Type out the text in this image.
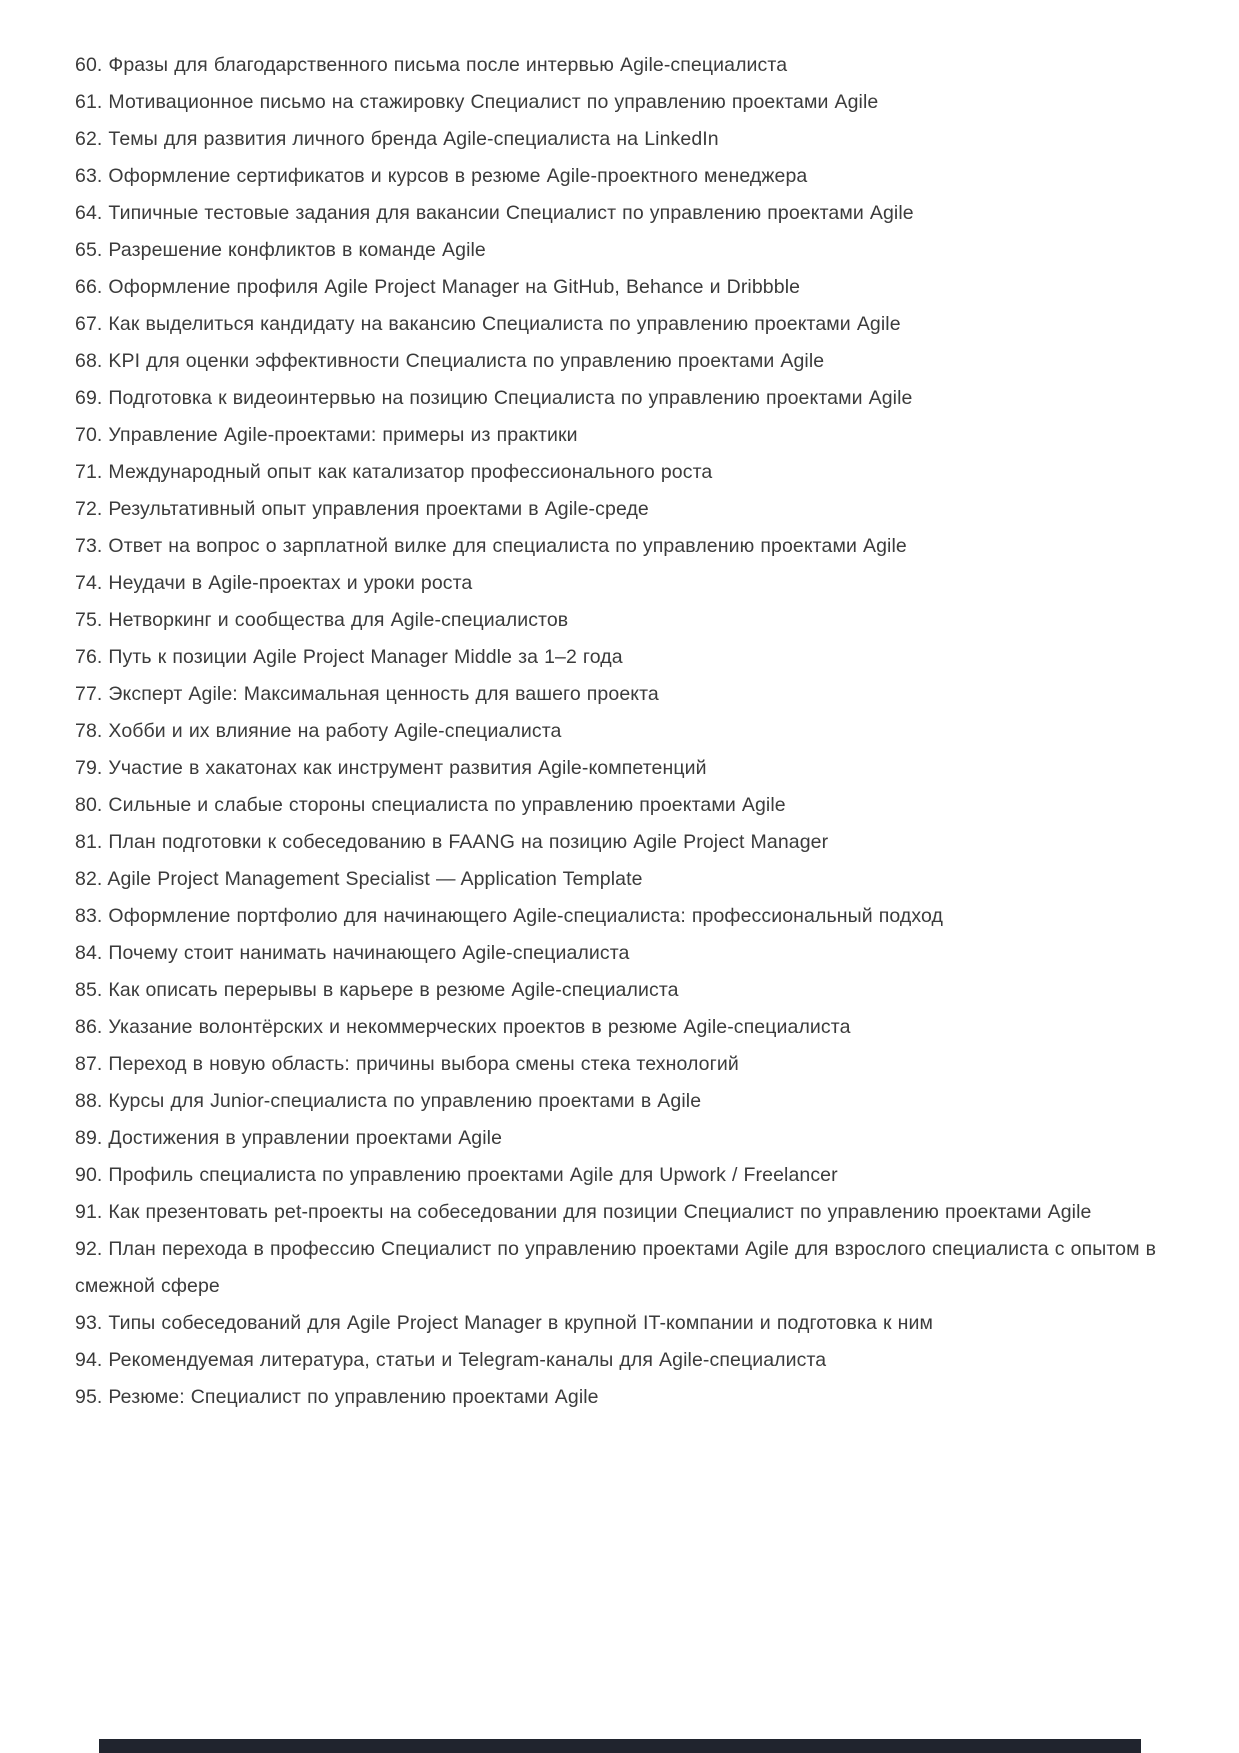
60. Фразы для благодарственного письма после интервью Agile-специалиста
61. Мотивационное письмо на стажировку Специалист по управлению проектами Agile
62. Темы для развития личного бренда Agile-специалиста на LinkedIn
63. Оформление сертификатов и курсов в резюме Agile-проектного менеджера
64. Типичные тестовые задания для вакансии Специалист по управлению проектами Agile
65. Разрешение конфликтов в команде Agile
66. Оформление профиля Agile Project Manager на GitHub, Behance и Dribbble
67. Как выделиться кандидату на вакансию Специалиста по управлению проектами Agile
68. KPI для оценки эффективности Специалиста по управлению проектами Agile
69. Подготовка к видеоинтервью на позицию Специалиста по управлению проектами Agile
70. Управление Agile-проектами: примеры из практики
71. Международный опыт как катализатор профессионального роста
72. Результативный опыт управления проектами в Agile-среде
73. Ответ на вопрос о зарплатной вилке для специалиста по управлению проектами Agile
74. Неудачи в Agile-проектах и уроки роста
75. Нетворкинг и сообщества для Agile-специалистов
76. Путь к позиции Agile Project Manager Middle за 1–2 года
77. Эксперт Agile: Максимальная ценность для вашего проекта
78. Хобби и их влияние на работу Agile-специалиста
79. Участие в хакатонах как инструмент развития Agile-компетенций
80. Сильные и слабые стороны специалиста по управлению проектами Agile
81. План подготовки к собеседованию в FAANG на позицию Agile Project Manager
82. Agile Project Management Specialist — Application Template
83. Оформление портфолио для начинающего Agile-специалиста: профессиональный подход
84. Почему стоит нанимать начинающего Agile-специалиста
85. Как описать перерывы в карьере в резюме Agile-специалиста
86. Указание волонтёрских и некоммерческих проектов в резюме Agile-специалиста
87. Переход в новую область: причины выбора смены стека технологий
88. Курсы для Junior-специалиста по управлению проектами в Agile
89. Достижения в управлении проектами Agile
90. Профиль специалиста по управлению проектами Agile для Upwork / Freelancer
91. Как презентовать pet-проекты на собеседовании для позиции Специалист по управлению проектами Agile
92. План перехода в профессию Специалист по управлению проектами Agile для взрослого специалиста с опытом в смежной сфере
93. Типы собеседований для Agile Project Manager в крупной IT-компании и подготовка к ним
94. Рекомендуемая литература, статьи и Telegram-каналы для Agile-специалиста
95. Резюме: Специалист по управлению проектами Agile
